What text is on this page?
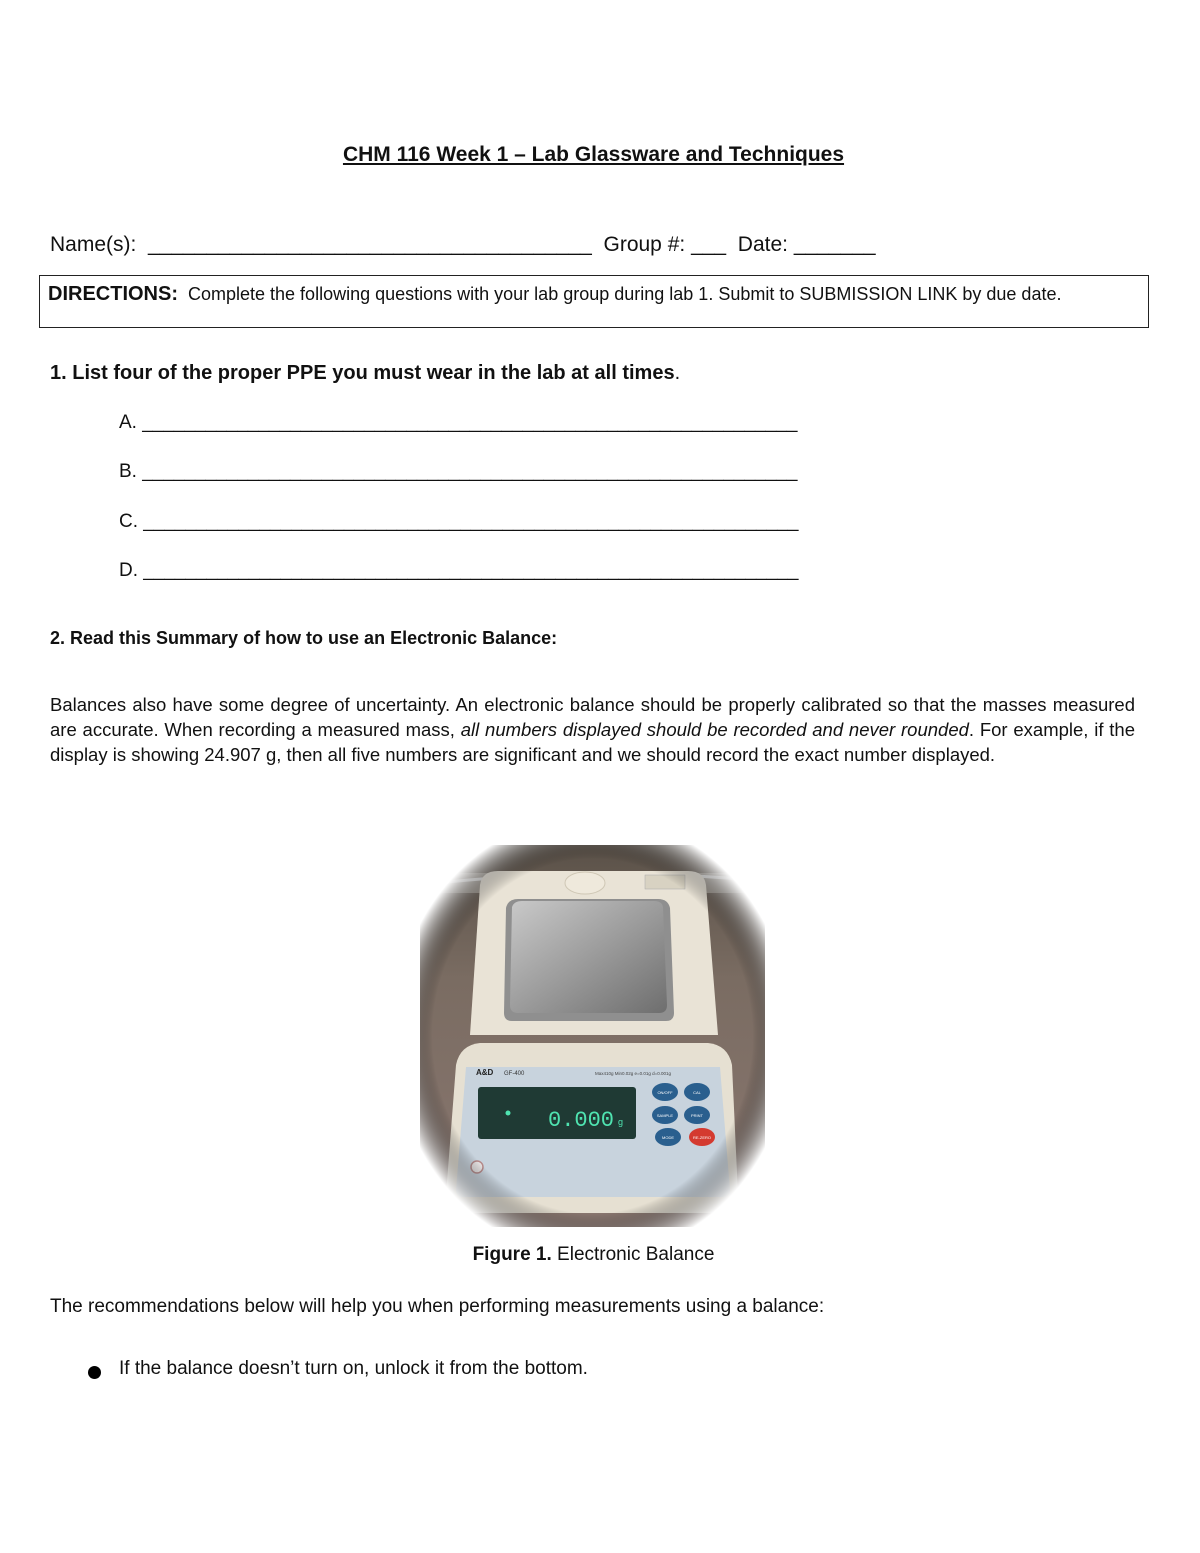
CHM 116 Week 1 – Lab Glassware and Techniques
Name(s): ______________________________________ Group #: ___ Date: _______
DIRECTIONS: Complete the following questions with your lab group during lab 1. Submit to SUBMISSION LINK by due date.
1. List four of the proper PPE you must wear in the lab at all times.
A. ______________________________________________________________
B. ______________________________________________________________
C. ______________________________________________________________
D. ______________________________________________________________
2. Read this Summary of how to use an Electronic Balance:
Balances also have some degree of uncertainty. An electronic balance should be properly calibrated so that the masses measured are accurate. When recording a measured mass, all numbers displayed should be recorded and never rounded. For example, if the display is showing 24.907 g, then all five numbers are significant and we should record the exact number displayed.
Figure 1. Electronic Balance
The recommendations below will help you when performing measurements using a balance:
If the balance doesn’t turn on, unlock it from the bottom.
